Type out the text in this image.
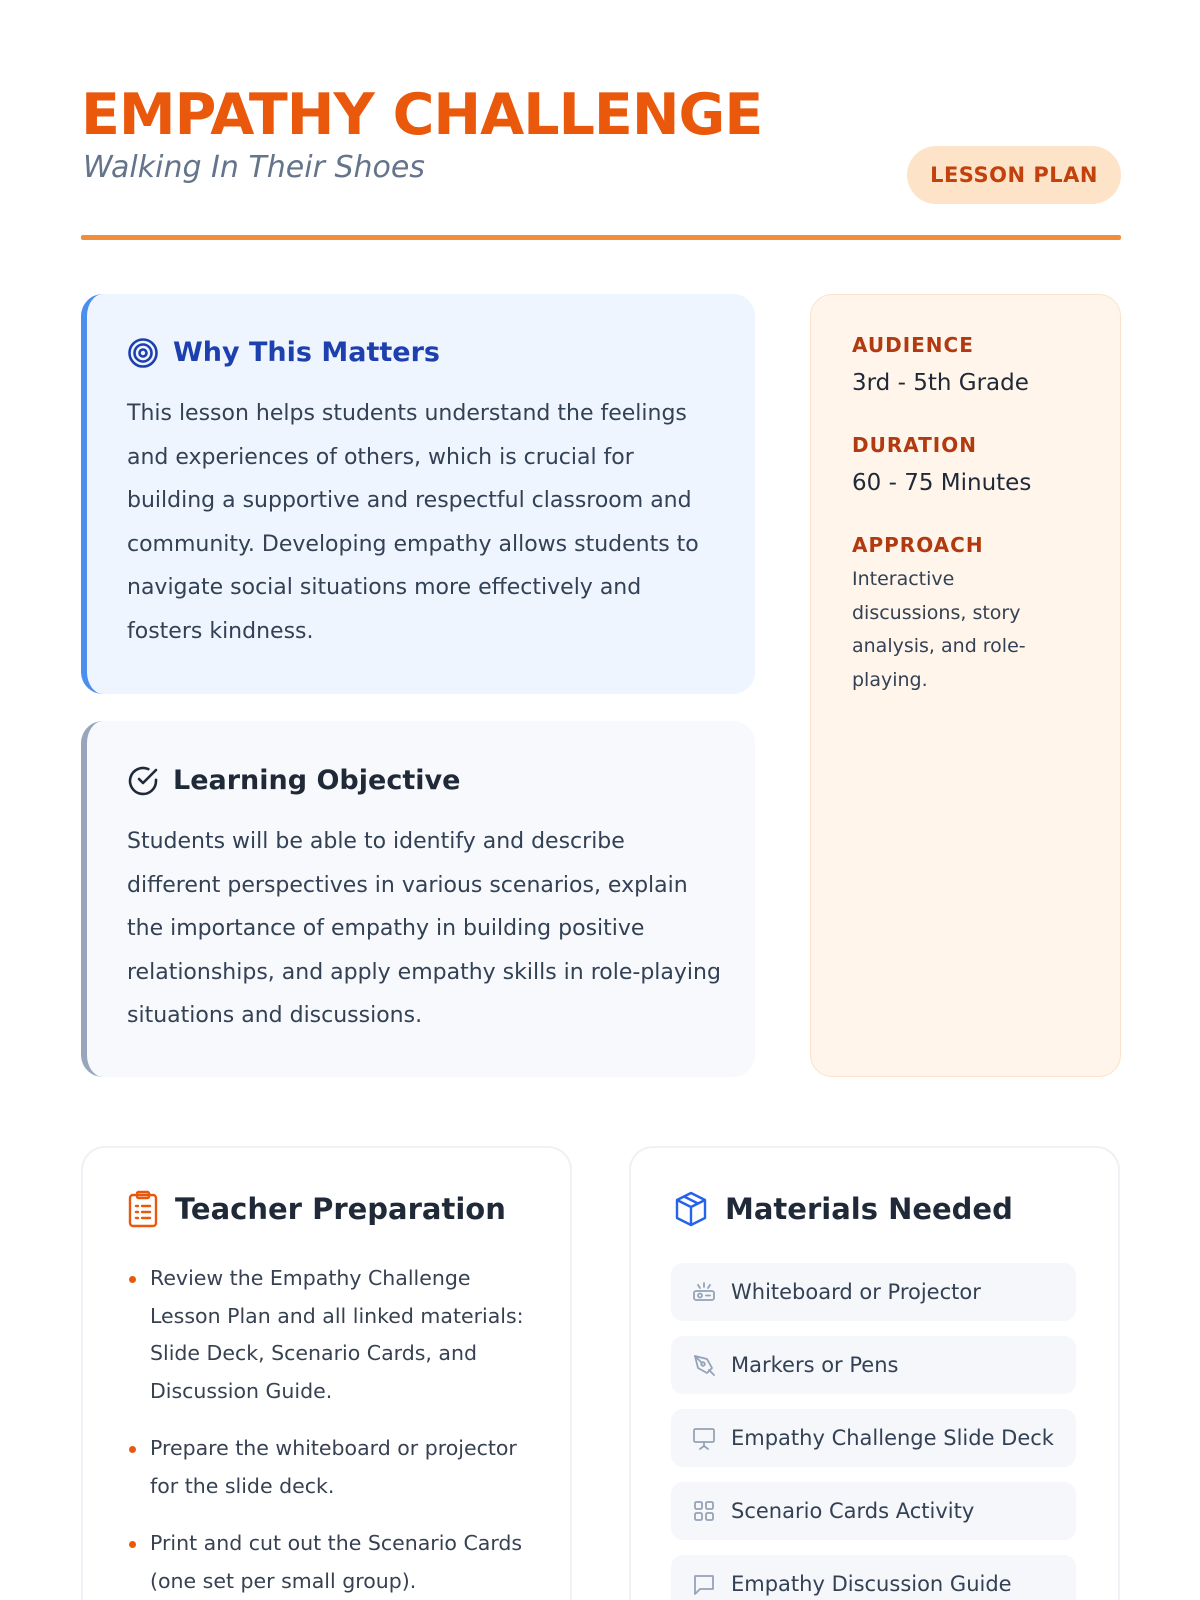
EMPATHY CHALLENGE
Walking In Their Shoes	LESSON PLAN
Why This Matters

This lesson helps students understand the feelings and experiences of others, which is crucial for building a supportive and respectful classroom and community. Developing empathy allows students to navigate social situations more effectively and fosters kindness.

Learning Objective

Students will be able to identify and describe different perspectives in various scenarios, explain the importance of empathy in building positive relationships, and apply empathy skills in role-playing situations and discussions.

AUDIENCE
3rd - 5th Grade
DURATION
60 - 75 Minutes
APPROACH
Interactive discussions, story analysis, and role-playing.
Teacher Preparation
Review the Empathy Challenge Lesson Plan and all linked materials: Slide Deck, Scenario Cards, and Discussion Guide.
Prepare the whiteboard or projector for the slide deck.
Print and cut out the Scenario Cards (one set per small group).
Materials Needed
Whiteboard or Projector
Markers or Pens
Empathy Challenge Slide Deck
Scenario Cards Activity
Empathy Discussion Guide
